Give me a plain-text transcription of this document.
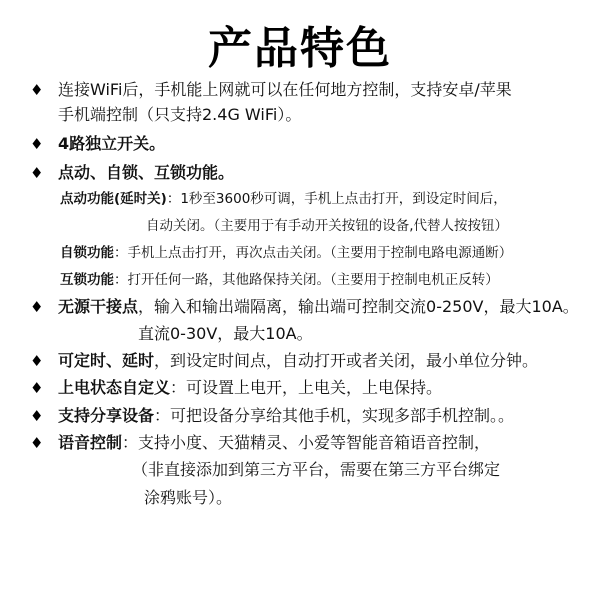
产品特色
♦ 连接WiFi后，手机能上网就可以在任何地方控制，支持安卓/苹果
手机端控制（只支持2.4G WiFi）。
♦ 4路独立开关。
♦ 点动、自锁、互锁功能。
点动功能(延时关)：1秒至3600秒可调，手机上点击打开，到设定时间后，
自动关闭。（主要用于有手动开关按钮的设备,代替人按按钮）
自锁功能：手机上点击打开，再次点击关闭。（主要用于控制电路电源通断）
互锁功能：打开任何一路，其他路保持关闭。（主要用于控制电机正反转）
♦ 无源干接点，输入和输出端隔离，输出端可控制交流0-250V，最大10A。
直流0-30V，最大10A。
♦ 可定时、延时，到设定时间点，自动打开或者关闭，最小单位分钟。
♦ 上电状态自定义：可设置上电开，上电关，上电保持。
♦ 支持分享设备：可把设备分享给其他手机，实现多部手机控制。。
♦ 语音控制：支持小度、天猫精灵、小爱等智能音箱语音控制，
（非直接添加到第三方平台，需要在第三方平台绑定
涂鸦账号）。
